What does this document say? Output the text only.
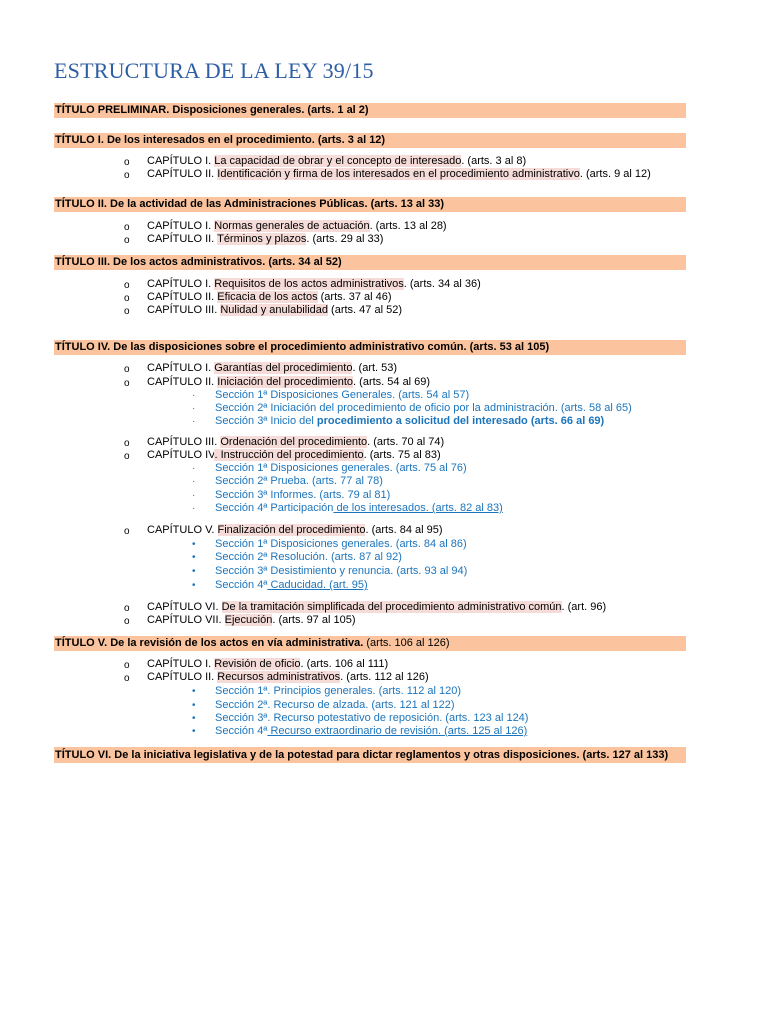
ESTRUCTURA DE LA LEY 39/15
TÍTULO PRELIMINAR. Disposiciones generales. (arts. 1 al 2)
TÍTULO I. De los interesados en el procedimiento. (arts. 3 al 12)
o CAPÍTULO I. La capacidad de obrar y el concepto de interesado. (arts. 3 al 8)
o CAPÍTULO II. Identificación y firma de los interesados en el procedimiento administrativo. (arts. 9 al 12)
TÍTULO II. De la actividad de las Administraciones Públicas. (arts. 13 al 33)
o CAPÍTULO I. Normas generales de actuación. (arts. 13 al 28)
o CAPÍTULO II. Términos y plazos. (arts. 29 al 33)
TÍTULO III. De los actos administrativos. (arts. 34 al 52)
o CAPÍTULO I. Requisitos de los actos administrativos. (arts. 34 al 36)
o CAPÍTULO II. Eficacia de los actos (arts. 37 al 46)
o CAPÍTULO III. Nulidad y anulabilidad (arts. 47 al 52)
TÍTULO IV. De las disposiciones sobre el procedimiento administrativo común. (arts. 53 al 105)
o CAPÍTULO I. Garantías del procedimiento. (art. 53)
o CAPÍTULO II. Iniciación del procedimiento. (arts. 54 al 69)
· Sección 1ª Disposiciones Generales. (arts. 54 al 57)
· Sección 2ª Iniciación del procedimiento de oficio por la administración. (arts. 58 al 65)
· Sección 3ª Inicio del procedimiento a solicitud del interesado (arts. 66 al 69)
o CAPÍTULO III. Ordenación del procedimiento. (arts. 70 al 74)
o CAPÍTULO IV. Instrucción del procedimiento. (arts. 75 al 83)
· Sección 1ª Disposiciones generales. (arts. 75 al 76)
· Sección 2ª Prueba. (arts. 77 al 78)
· Sección 3ª Informes. (arts. 79 al 81)
· Sección 4ª Participación de los interesados. (arts. 82 al 83)
o CAPÍTULO V. Finalización del procedimiento. (arts. 84 al 95)
• Sección 1ª Disposiciones generales. (arts. 84 al 86)
• Sección 2ª Resolución. (arts. 87 al 92)
• Sección 3ª Desistimiento y renuncia. (arts. 93 al 94)
• Sección 4ª Caducidad. (art. 95)
o CAPÍTULO VI. De la tramitación simplificada del procedimiento administrativo común. (art. 96)
o CAPÍTULO VII. Ejecución. (arts. 97 al 105)
TÍTULO V. De la revisión de los actos en vía administrativa. (arts. 106 al 126)
o CAPÍTULO I. Revisión de oficio. (arts. 106 al 111)
o CAPÍTULO II. Recursos administrativos. (arts. 112 al 126)
• Sección 1ª. Principios generales. (arts. 112 al 120)
• Sección 2ª. Recurso de alzada. (arts. 121 al 122)
• Sección 3ª. Recurso potestativo de reposición. (arts. 123 al 124)
• Sección 4ª Recurso extraordinario de revisión. (arts. 125 al 126)
TÍTULO VI. De la iniciativa legislativa y de la potestad para dictar reglamentos y otras disposiciones. (arts. 127 al 133)
